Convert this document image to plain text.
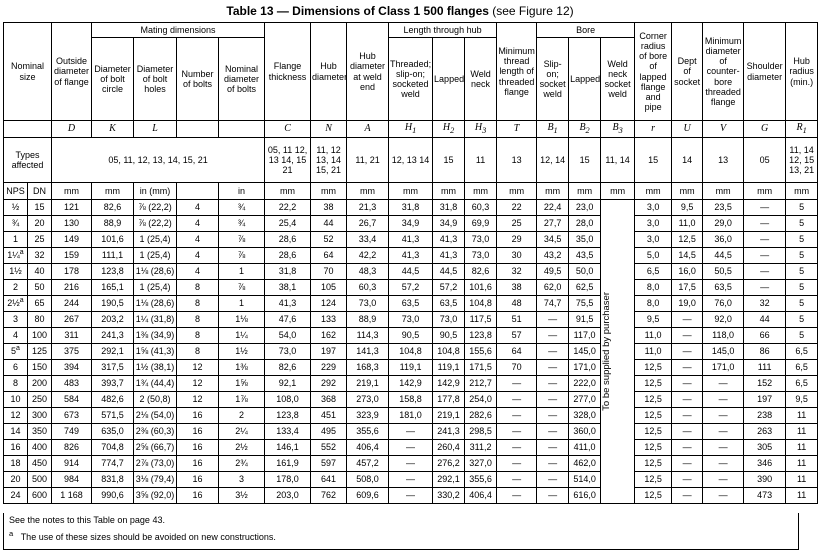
Table 13 — Dimensions of Class 1 500 flanges (see Figure 12)
Nominal size		Outside diameter of flange	Mating dimensions				Flange thickness	Hub diameter	Hub diameter at weld end	Length through hub			Minimum thread length of threaded flange	Bore			Corner radius of bore of lapped flange and pipe	Dept of socket	Minimum diameter of counter-bore threaded flange	Shoulder diameter	Hub radius (min.)
			Diameter of bolt circle	Diameter of bolt holes	Number of bolts	Nominal diameter of bolts				Threaded; slip-on; socketed weld	Lapped	Weld neck		Slip-on; socket weld	Lapped	Weld neck socket weld					
		D	K	L			C	N	A	$H_1$	$H_2$	$H_3$	T	$B_1$	$B_2$	$B_3$	r	U	V	G	$R_1$
Types affected		05, 11, 12, 13, 14, 15, 21					05, 11 12, 13 14, 15 21	11, 12 13, 14 15, 21	11, 21	12, 13 14	15	11	13	12, 14	15	11, 14	15	14	13	05	11, 14 12, 15 13, 21
NPS	DN	mm	mm	in (mm)		in	mm	mm	mm	mm	mm	mm	mm	mm	mm	mm	mm	mm	mm	mm	mm
½	15	121	82,6	⅞ (22,2)	4	¾	22,2	38	21,3	31,8	31,8	60,3	22	22,4	23,0	To be supplied by purchaser	3,0	9,5	23,5	—	5
¾	20	130	88,9	⅞ (22,2)	4	¾	25,4	44	26,7	34,9	34,9	69,9	25	27,7	28,0		3,0	11,0	29,0	—	5
1	25	149	101,6	1 (25,4)	4	⅞	28,6	52	33,4	41,3	41,3	73,0	29	34,5	35,0		3,0	12,5	36,0	—	5
1¼$^a$	32	159	111,1	1 (25,4)	4	⅞	28,6	64	42,2	41,3	41,3	73,0	30	43,2	43,5		5,0	14,5	44,5	—	5
1½	40	178	123,8	1⅛ (28,6)	4	1	31,8	70	48,3	44,5	44,5	82,6	32	49,5	50,0		6,5	16,0	50,5	—	5
2	50	216	165,1	1 (25,4)	8	⅞	38,1	105	60,3	57,2	57,2	101,6	38	62,0	62,5		8,0	17,5	63,5	—	5
2½$^a$	65	244	190,5	1⅛ (28,6)	8	1	41,3	124	73,0	63,5	63,5	104,8	48	74,7	75,5		8,0	19,0	76,0	32	5
3	80	267	203,2	1¼ (31,8)	8	1⅛	47,6	133	88,9	73,0	73,0	117,5	51	—	91,5		9,5	—	92,0	44	5
4	100	311	241,3	1⅜ (34,9)	8	1¼	54,0	162	114,3	90,5	90,5	123,8	57	—	117,0		11,0	—	118,0	66	5
5$^a$	125	375	292,1	1⅝ (41,3)	8	1½	73,0	197	141,3	104,8	104,8	155,6	64	—	145,0		11,0	—	145,0	86	6,5
6	150	394	317,5	1½ (38,1)	12	1⅜	82,6	229	168,3	119,1	119,1	171,5	70	—	171,0		12,5	—	171,0	111	6,5
8	200	483	393,7	1¾ (44,4)	12	1⅝	92,1	292	219,1	142,9	142,9	212,7	—	—	222,0		12,5	—	—	152	6,5
10	250	584	482,6	2 (50,8)	12	1⅞	108,0	368	273,0	158,8	177,8	254,0	—	—	277,0		12,5	—	—	197	9,5
12	300	673	571,5	2⅛ (54,0)	16	2	123,8	451	323,9	181,0	219,1	282,6	—	—	328,0		12,5	—	—	238	11
14	350	749	635,0	2⅜ (60,3)	16	2¼	133,4	495	355,6	—	241,3	298,5	—	—	360,0		12,5	—	—	263	11
16	400	826	704,8	2⅝ (66,7)	16	2½	146,1	552	406,4	—	260,4	311,2	—	—	411,0		12,5	—	—	305	11
18	450	914	774,7	2⅞ (73,0)	16	2¾	161,9	597	457,2	—	276,2	327,0	—	—	462,0		12,5	—	—	346	11
20	500	984	831,8	3⅛ (79,4)	16	3	178,0	641	508,0	—	292,1	355,6	—	—	514,0		12,5	—	—	390	11
24	600	1 168	990,6	3⅝ (92,0)	16	3½	203,0	762	609,6	—	330,2	406,4	—	—	616,0		12,5	—	—	473	11
See the notes to this Table on page 43.
$^a$ The use of these sizes should be avoided on new constructions.
